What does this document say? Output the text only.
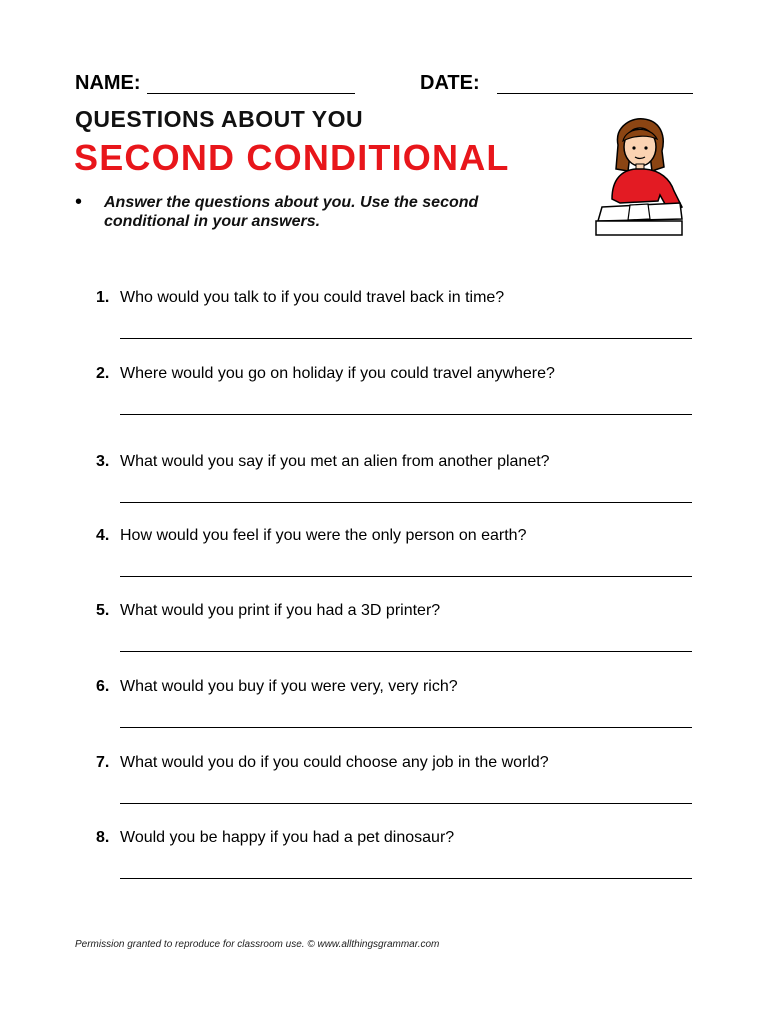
NAME:	DATE:
QUESTIONS ABOUT YOU
SECOND CONDITIONAL
• Answer the questions about you. Use the second conditional in your answers.
1. Who would you talk to if you could travel back in time?
2. Where would you go on holiday if you could travel anywhere?
3. What would you say if you met an alien from another planet?
4. How would you feel if you were the only person on earth?
5. What would you print if you had a 3D printer?
6. What would you buy if you were very, very rich?
7. What would you do if you could choose any job in the world?
8. Would you be happy if you had a pet dinosaur?
Permission granted to reproduce for classroom use. © www.allthingsgrammar.com
